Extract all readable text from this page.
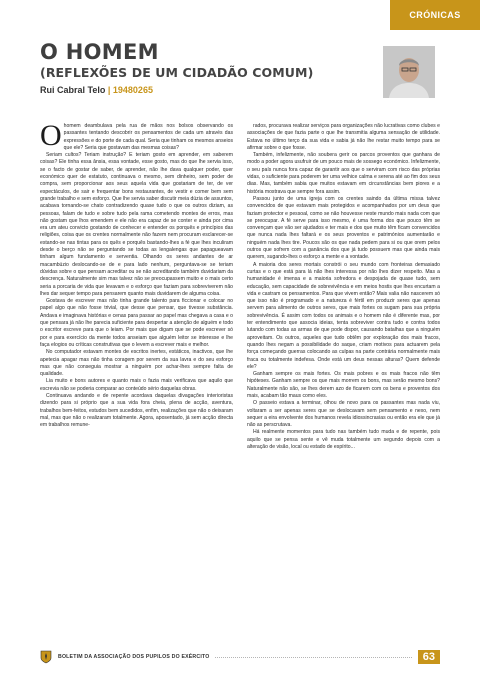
CRÓNICAS
O HOMEM
(REFLEXÕES DE UM CIDADÃO COMUM)
Rui Cabral Telo | 19480265

Ohomem deambulava pela rua de mãos nos bolsos observando os passantes tentando descobrir os pensamentos de cada um através das expressões e do porte de cada qual. Seria que tinham os mesmos anseios que ele? Seria que gostavam das mesmas coisas?

Seriam cultos? Teriam instrução? E teriam gosto em aprender, em saberem coisas? Ele tinha essa ânsia, essa vontade, esse gosto, mas do que lhe servia isso, se o facto de gostar de saber, de aprender, não lhe dava qualquer poder, quer económico quer de estatuto, continuava o mesmo, sem dinheiro, sem poder de compra, sem proporcionar aos seus aquela vida que gostariam de ter, de ver espectáculos, de sair e frequentar bons restaurantes, de vestir e comer bem sem grande trabalho e sem esforço. Que lhe servia saber discutir meia dúzia de assuntos, acabava tornando-se chato contradizendo quase tudo o que os outros diziam, as pessoas, falam de tudo e sobre tudo pela rama cometendo montes de erros, mas não gostam que lhos emendem e ele não era capaz de se conter e ainda por cima era um ateu convicto gostando de conhecer e entender os porquês e princípios das religiões, coisa que os crentes normalmente não fazem nem procuram esclarecer-se estando-se nas tintas para os quês e porquês bastando-lhes a fé que lhes inculiram desde o berço não se perguntando se todas as lengalengas que papagueavam tinham algum fundamento e serventia. Olhando os seres andantes de ar macambúzio deslocando-se de e para lado nenhum, perguntava-se se teriam dúvidas sobre o que pensam acreditar ou se não acreditando também duvidariam da descrença. Naturalmente sim mas talvez não se preocupassem muito e o mais certo seria a porcaria de vida que levavam e o esforço que faziam para sobreviverem não lhes dar sequer tempo para pensarem quanto mais duvidarem de alguma coisa.

Gostava de escrever mas não tinha grande talento para ficcionar e colocar no papel algo que não fosse trivial, que desse que pensar, que tivesse substância. Andava e imaginava histórias e cenas para passar ao papel mas chegava a casa e o que pensara já não lhe parecia suficiente para despertar a atenção de alguém e todo o escritor escreve para que o leiam. Por mais que digam que se pode escrever só por e para exercício da mente todos anseiam que alguém leitor se interesse e lhe faça elogios ou críticas construtivas que o levem a escrever mais e melhor.

No computador estavam montes de escritos inertes, estáticos, inactivos, que lhe apetecia apagar mas não tinha coragem por serem da sua lavra e do seu esforço mas que não conseguia mostrar a ninguém por achar-lhes sempre falta de qualidade.

Lia muito e bons autores e quanto mais o fazia mais verificava que aquilo que escrevia não se poderia comparar ao conteúdo sério daquelas obras.

Continuava andando e de repente acordava daquelas divagações interioristas dizendo para si próprio que a sua vida fora cheia, plena de acção, aventura, trabalhos bem-feitos, estudos bem sucedidos, enfim, realizações que não o deixaram mal, mas que não o realizaram totalmente. Agora, aposentado, já sem acção directa em trabalhos remune-

rados, procurava realizar serviços para organizações não lucrativas como clubes e associações de que fazia parte o que lhe transmitia alguma sensação de utilidade. Estava no último terço da sua vida e sabia já não lhe restar muito tempo para se afirmar sobre o que fosse.

Também, infelizmente, não soubera gerir os parcos proventos que ganhara de modo a poder agora usufruir de um pouco mais de sossego económico. Infelizmente, o seu país nunca fora capaz de garantir aos que o serviram com risco das próprias vidas, o suficiente para poderem ter uma velhice calma e serena até ao fim dos seus dias. Mas, também sabia que muitos estavam em circunstâncias bem piores e a história mostrava que sempre fora assim.

Passou junto de uma igreja com os crentes saindo da última missa talvez convencidos de que estavam mais protegidos e acompanhados por um deus que faziam protector e pessoal, como se não houvesse neste mundo mais nada com que se preocupar. A fé serve para isso mesmo, é uma forma dos que pouco têm se convençam que vão ser ajudados e ter mais e dos que muito têm ficam convencidos que nunca nada lhes faltará e os seus proventos e patrimónios aumentarão e ninguém nada lhes tire. Poucos são os que nada pedem para si ou que orem pelos outros que sofrem com a ganância dos que já tudo possuem mas que ainda mais querem, sugando-lhes o esforço a mente e a vontade.

A maioria dos seres mortais constrói o seu mundo com fronteiras demasiado curtas e o que está para lá não lhes interessa por não lhes dizer respeito. Mas a humanidade é imensa e a maioria sofredora e despojada de quase tudo, sem educação, sem capacidade de sobrevivência e em meios hostis que lhes encurtam a vida e castram os pensamentos. Para que vivem então? Mais valia não nascerem só que isso não é programado e a natureza é fértil em produzir seres que apenas servem para alimento de outros seres, que mais fortes os sugam para sua própria sobrevivência. É assim com todos os animais e o homem não é diferente mas, por ter entendimento que associa ideias, tenta sobreviver contra tudo e contra todos lutando com todas as armas de que pode dispor, causando batalhas que a ninguém aproveitam. Os outros, aqueles que tudo obtêm por exploração dos mais fracos, quando lhes negam a possibilidade do saque, criam motivos para actuarem pela força começando guerras colocando as culpas na parte contrária normalmente mais fraca ou totalmente indefesa. Onde está um deus nessas alturas? Quem defende ele?

Ganham sempre os mais fortes. Os mais pobres e os mais fracos não têm hipóteses. Ganham sempre os que mais morrem os bons, mas serão mesmo bons? Naturalmente não são, se lhes derem azo de ficarem com os bens e proventos dos mais, acabam tão maus como eles.

O passeio estava a terminar, olhou de novo para os passantes mas nada viu, voltaram a ser apenas seres que se deslocavam sem pensamento e nexo, nem sequer a eira envolvente dos humanos revela idiossincrasias ou então era ele que já não as perscrutava.

Há realmente momentos para tudo nas também tudo muda e de repente, pois aquilo que se pensa sente e vê muda totalmente um segundo depois com a alteração de visão, local ou estado de espírito...

BOLETIM DA ASSOCIAÇÃO DOS PUPILOS DO EXÉRCITO	63
